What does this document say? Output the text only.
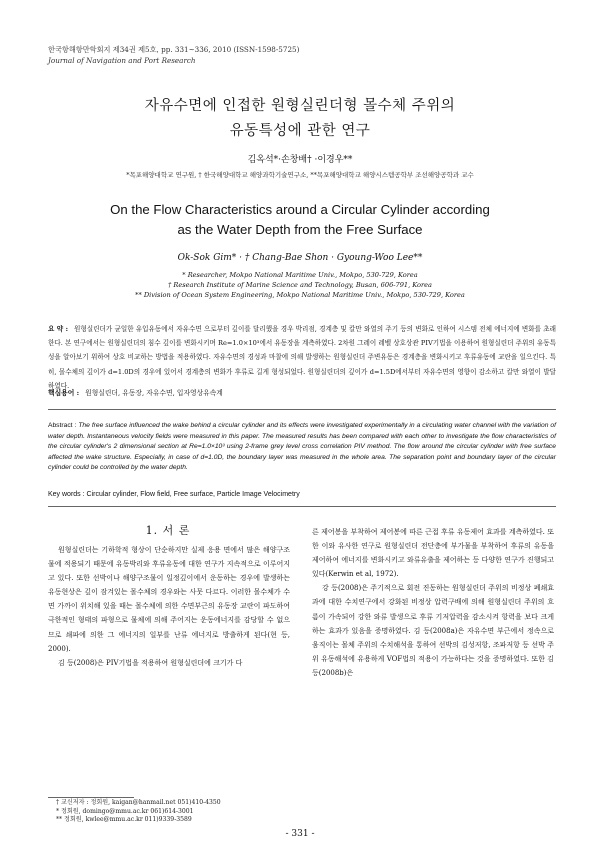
한국항해항만학회지 제34권 제5호, pp. 331~336, 2010 (ISSN-1598-5725)
Journal of Navigation and Port Research
자유수면에 인접한 원형실린더형 몰수체 주위의
유동특성에 관한 연구
김옥석*·손창배† ·이경우**
*목포해양대학교 연구원, † 한국해양대학교 해양과학기술연구소, **목포해양대학교 해양시스템공학부 조선해양공학과 교수
On the Flow Characteristics around a Circular Cylinder according
as the Water Depth from the Free Surface
Ok-Sok Gim* · † Chang-Bae Shon · Gyoung-Woo Lee**
* Researcher, Mokpo National Maritime Univ., Mokpo, 530-729, Korea
† Research Institute of Marine Science and Technology, Busan, 606-791, Korea
** Division of Ocean System Engineering, Mokpo National Maritime Univ., Mokpo, 530-729, Korea
요 약 : 원형실린더가 균일한 유입유동에서 자유수면 으로부터 깊이를 달리했을 경우 박리점, 경계층 및 칼만 와열의 주기 등의 변화로 인하여 시스템 전체 에너지에 변화를 초래한다. 본 연구에서는 원형실린더의 침수 깊이를 변화시키며 Re=1.0×10³에서 유동장을 계측하였다. 2차원 그레이 레벨 상호상관 PIV기법을 이용하여 원형실린더 주위의 유동특성을 알아보기 위하여 상호 비교하는 방법을 적용하였다. 자유수면의 경성과 마찰에 의해 발생하는 원형실린더 주변유동은 경계층을 변화시키고 후류유동에 교란을 일으킨다. 특히, 몰수체의 깊이가 d=1.0D의 경우에 있어서 경계층의 변화가 후류로 길게 형성되었다. 원형실린더의 깊이가 d=1.5D에서부터 자유수면의 영향이 감소하고 칼만 와열이 발달하였다.
핵심용어 : 원형실린더, 유동장, 자유수면, 입자영상유속계
Abstract : The free surface influenced the wake behind a circular cylinder and its effects were investigated experimentally in a circulating water channel with the variation of water depth. Instantaneous velocity fields were measured in this paper. The measured results has been compared with each other to investigate the flow characteristics of the circular cylinder's 2 dimensional section at Re=1.0×10³ using 2-frame grey level cross correlation PIV method. The flow around the circular cylinder with free surface affected the wake structure. Especially, in case of d=1.0D, the boundary layer was measured in the whole area. The separation point and boundary layer of the circular cylinder could be controlled by the water depth.
Key words : Circular cylinder, Flow field, Free surface, Particle Image Velocimetry
1. 서 론

원형실린더는 기하학적 형상이 단순하지만 실제 응용 면에서 많은 해양구조물에 적용되기 때문에 유동박리와 후류유동에 대한 연구가 지속적으로 이루어지고 있다. 또한 선박이나 해양구조물이 일정깊이에서 운동하는 경우에 발생하는 유동현상은 깊이 잠겨있는 몰수체의 경우와는 사뭇 다르다. 이러한 몰수체가 수면 가까이 위치해 있을 때는 몰수체에 의한 수면부근의 유동장 교란이 파도하여 극한적인 형태의 파형으로 물체에 의해 주어지는 운동에너지를 감당할 수 없으므로 쇄파에 의한 그 에너지의 일부를 난류 에너지로 방출하게 된다(현 등, 2000).

김 등(2008)은 PIV기법을 적용하여 원형실린더에 크기가 다

른 제어봉을 부착하여 제어봉에 따른 근접 후류 유동제어 효과를 계측하였다. 또한 이와 유사한 연구로 원형실린더 전단층에 부가물을 부착하여 후류의 유동을 제어하여 에너지를 변화시키고 와류유출을 제어하는 등 다양한 연구가 진행되고 있다(Kerwin et al, 1972).

강 등(2008)은 주기적으로 회전 진동하는 원형실린더 주위의 비정상 폐쇄효과에 대한 수치연구에서 강화된 비정상 압력구배에 의해 원형실린더 주위의 흐름이 가속되어 강한 와류 발생으로 후류 기저압력을 감소시켜 항력을 보다 크게 하는 효과가 있음을 증명하였다. 김 등(2008a)은 자유수면 부근에서 정속으로 움직이는 몰체 주위의 수치해석을 통하여 선박의 김성저항, 조파저항 등 선박 주위 유동해석에 유용하게 VOF법의 적용이 가능하다는 것을 증명하였다. 또한 김 등(2008b)은

† 교신저자 : 정회원, kaigan@hanmail.net 051)410-4350
* 정회원, domingo@mmu.ac.kr 061)614-3001
** 정회원, kwlee@mmu.ac.kr 011)9339-3589
- 331 -
